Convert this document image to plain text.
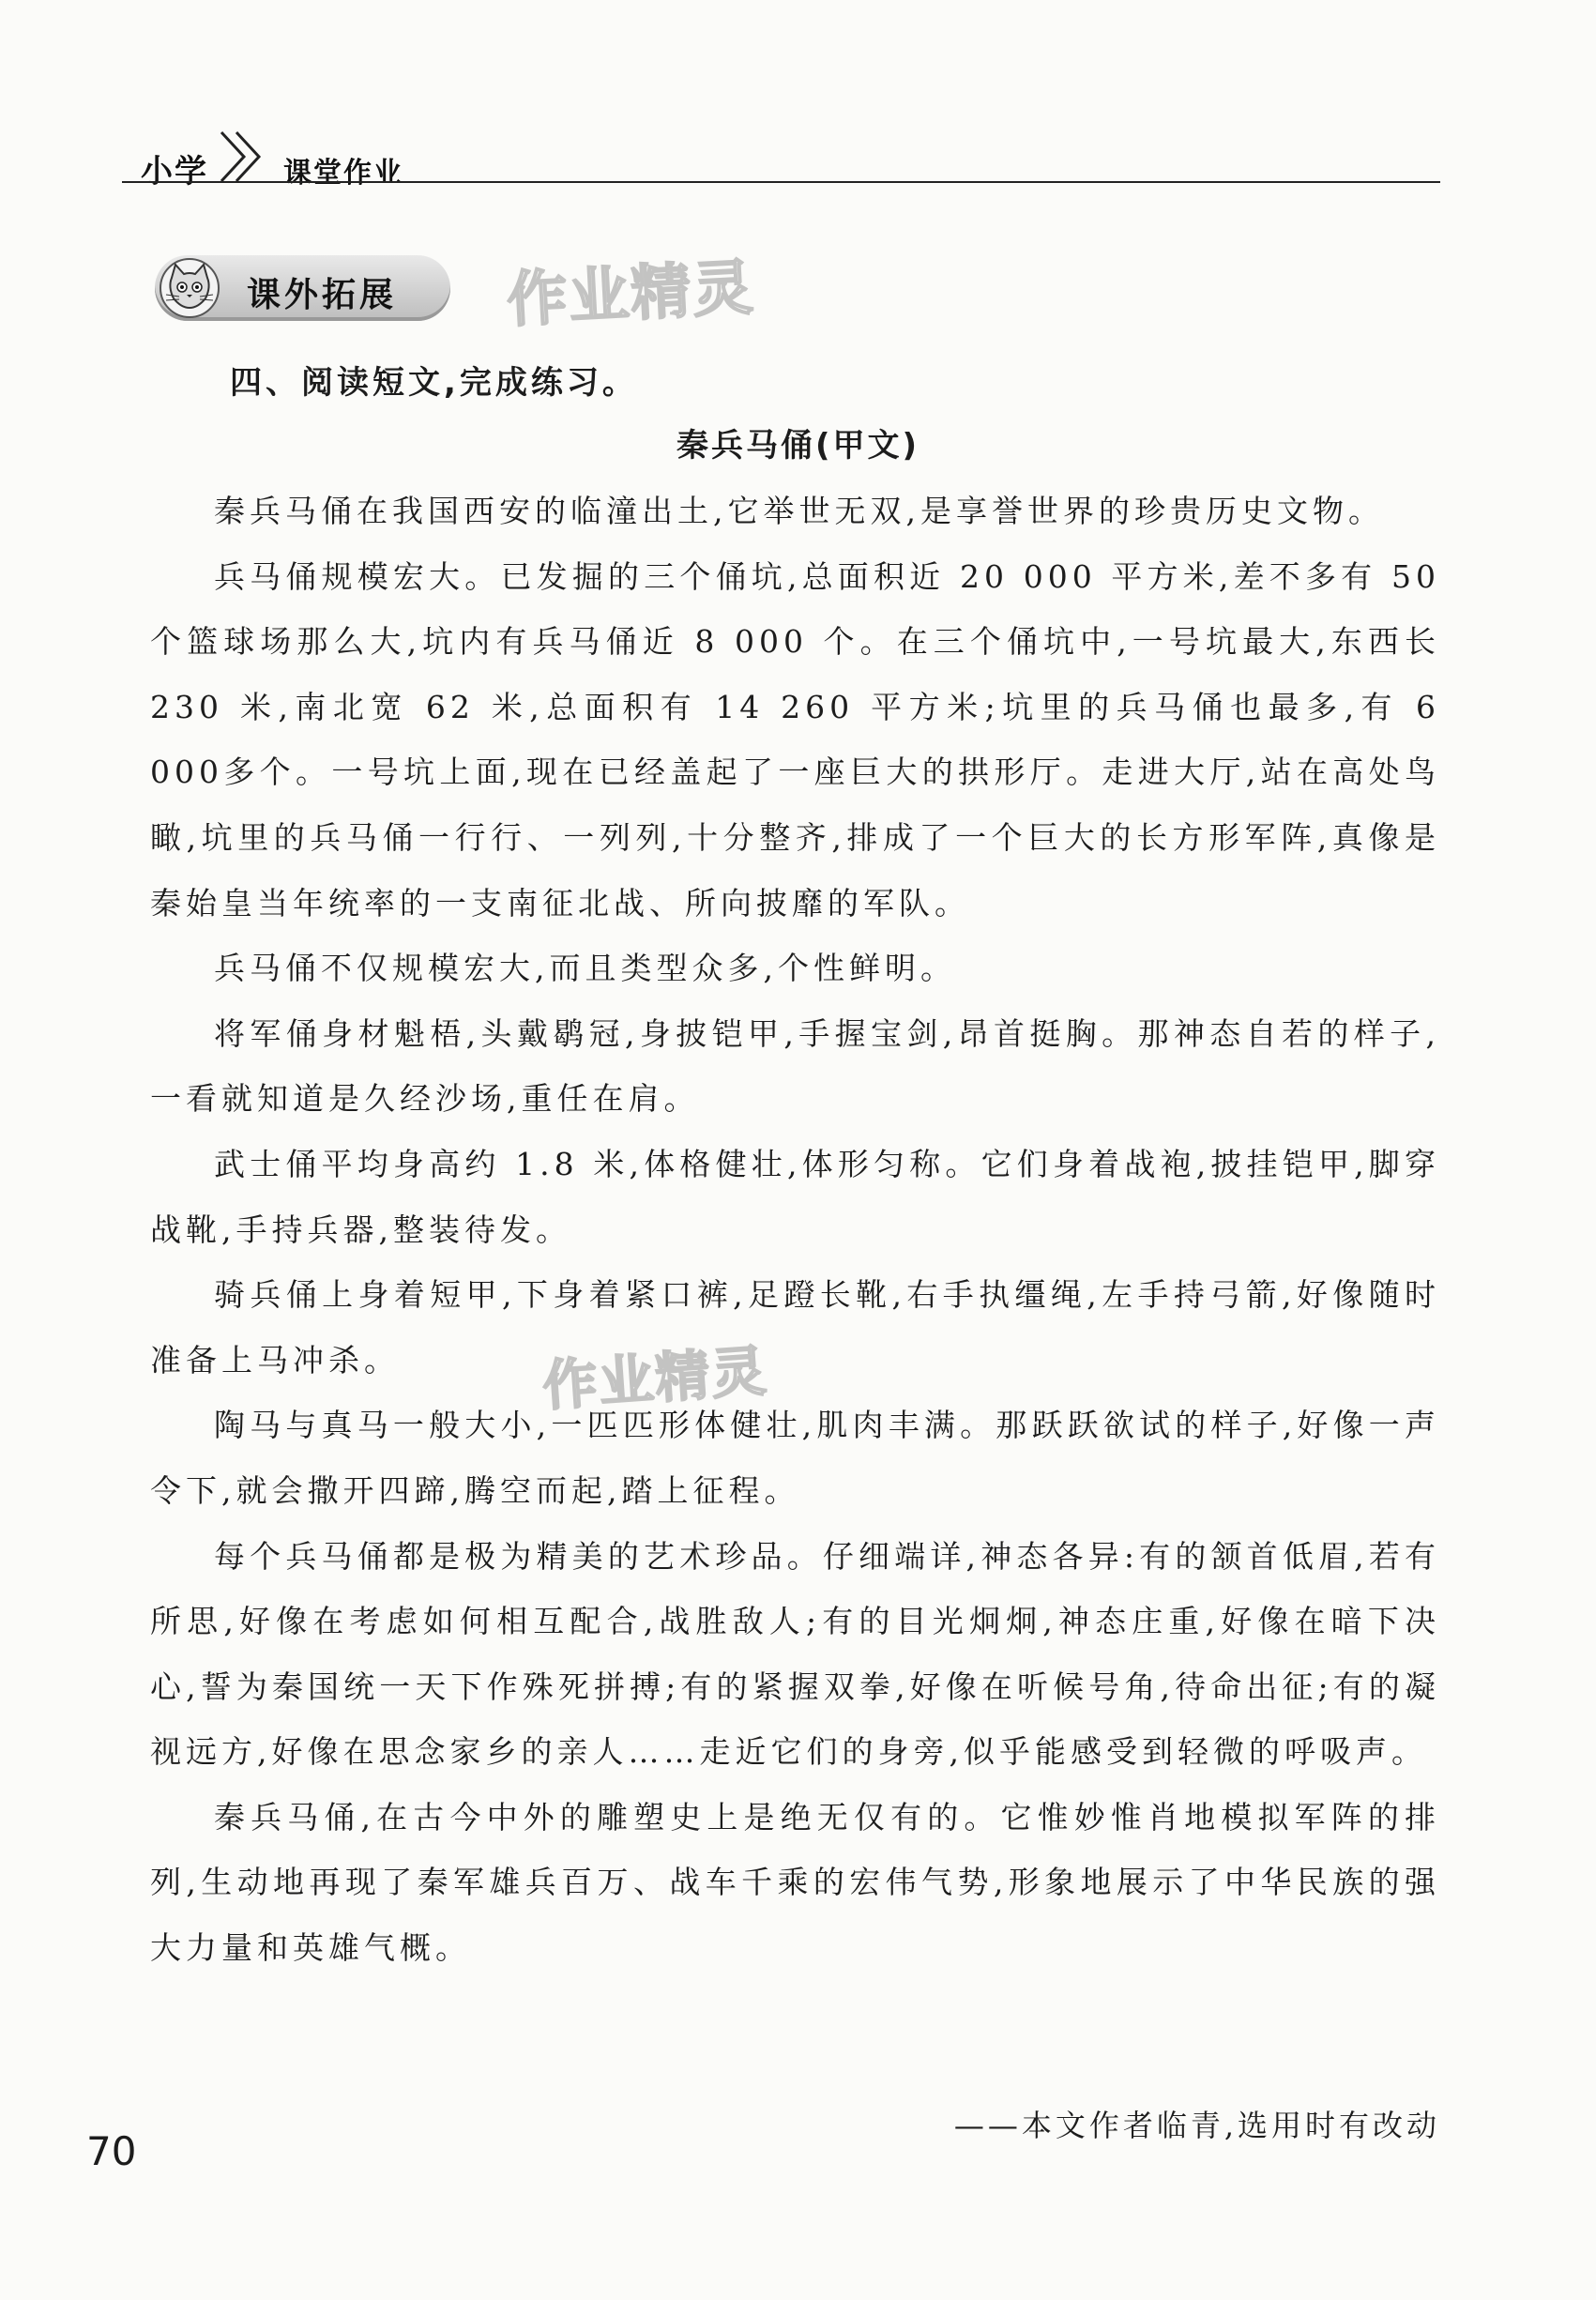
小学	课堂作业
课外拓展 作业精灵
作业精灵
四、阅读短文,完成练习。
秦兵马俑(甲文)

秦兵马俑在我国西安的临潼出土,它举世无双,是享誉世界的珍贵历史文物。

兵马俑规模宏大。已发掘的三个俑坑,总面积近 20 000 平方米,差不多有 50 个篮球场那么大,坑内有兵马俑近 8 000 个。在三个俑坑中,一号坑最大,东西长 230 米,南北宽 62 米,总面积有 14 260 平方米;坑里的兵马俑也最多,有 6 000多个。一号坑上面,现在已经盖起了一座巨大的拱形厅。走进大厅,站在高处鸟瞰,坑里的兵马俑一行行、一列列,十分整齐,排成了一个巨大的长方形军阵,真像是秦始皇当年统率的一支南征北战、所向披靡的军队。

兵马俑不仅规模宏大,而且类型众多,个性鲜明。

将军俑身材魁梧,头戴鹖冠,身披铠甲,手握宝剑,昂首挺胸。那神态自若的样子,一看就知道是久经沙场,重任在肩。

武士俑平均身高约 1.8 米,体格健壮,体形匀称。它们身着战袍,披挂铠甲,脚穿战靴,手持兵器,整装待发。

骑兵俑上身着短甲,下身着紧口裤,足蹬长靴,右手执缰绳,左手持弓箭,好像随时准备上马冲杀。

陶马与真马一般大小,一匹匹形体健壮,肌肉丰满。那跃跃欲试的样子,好像一声令下,就会撒开四蹄,腾空而起,踏上征程。

每个兵马俑都是极为精美的艺术珍品。仔细端详,神态各异:有的颔首低眉,若有所思,好像在考虑如何相互配合,战胜敌人;有的目光炯炯,神态庄重,好像在暗下决心,誓为秦国统一天下作殊死拼搏;有的紧握双拳,好像在听候号角,待命出征;有的凝视远方,好像在思念家乡的亲人……走近它们的身旁,似乎能感受到轻微的呼吸声。

秦兵马俑,在古今中外的雕塑史上是绝无仅有的。它惟妙惟肖地模拟军阵的排列,生动地再现了秦军雄兵百万、战车千乘的宏伟气势,形象地展示了中华民族的强大力量和英雄气概。

——本文作者临青,选用时有改动
70
